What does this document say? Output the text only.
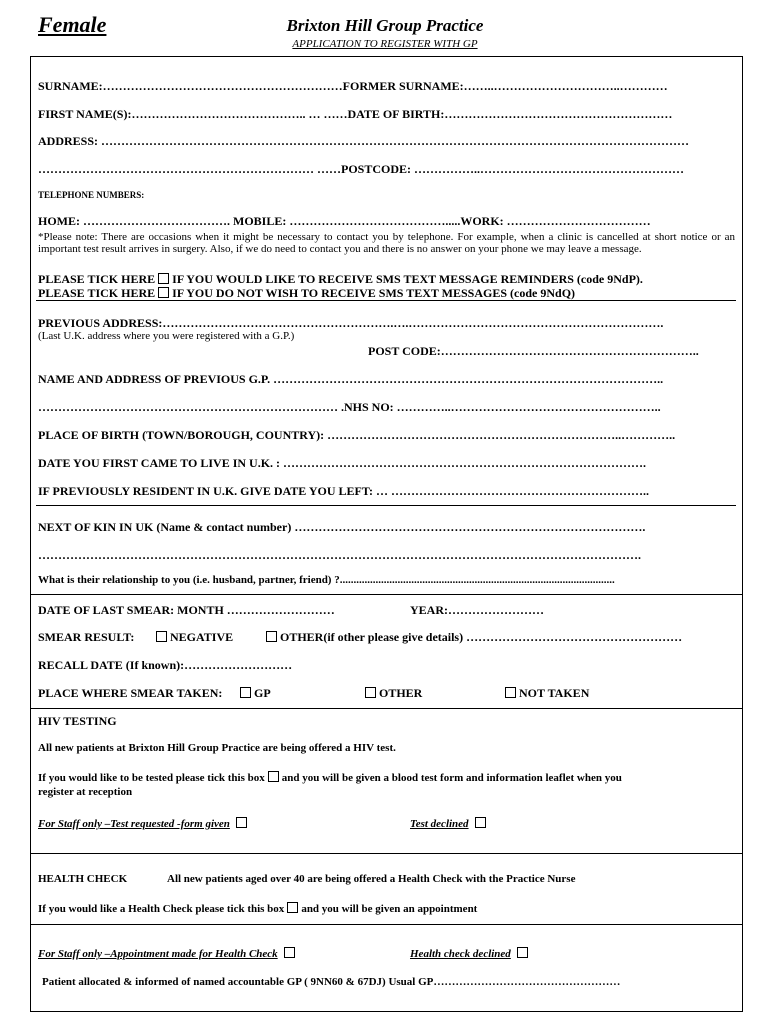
Female	Brixton Hill Group Practice
APPLICATION TO REGISTER WITH GP
SURNAME:……………………………………………………FORMER SURNAME:……..…………………………..…………
FIRST NAME(S):…………………………………….. … ……DATE OF BIRTH:…………………………………………………
ADDRESS: …………………………………………………………………………………………………………………………………
…………………………………………………………… ……POSTCODE: ……………..……………………………………………
TELEPHONE NUMBERS:
HOME: ………………………………. MOBILE: ………………………………….....WORK: ………………………………
*Please note: There are occasions when it might be necessary to contact you by telephone. For example, when a clinic is cancelled at short notice or an important test result arrives in surgery. Also, if we do need to contact you and there is no answer on your phone we may leave a message.
PLEASE TICK HERE IF YOU WOULD LIKE TO RECEIVE SMS TEXT MESSAGE REMINDERS (code 9NdP).
PLEASE TICK HERE IF YOU DO NOT WISH TO RECEIVE SMS TEXT MESSAGES (code 9NdQ)
PREVIOUS ADDRESS:………………………………………………….….……………………………………………………….
(Last U.K. address where you were registered with a G.P.)
POST CODE:………………………………………………………..
NAME AND ADDRESS OF PREVIOUS G.P. ……………………………………………………………………………………..
………………………………………………………………… .NHS NO: …………..……………………………………………..
PLACE OF BIRTH (TOWN/BOROUGH, COUNTRY): ………………………………………………………………..…………..
DATE YOU FIRST CAME TO LIVE IN U.K. : ……………………………………………………………………………….
IF PREVIOUSLY RESIDENT IN U.K. GIVE DATE YOU LEFT: … ………………………………………………………..
NEXT OF KIN IN UK (Name & contact number) …………………………………………………………………………….
…………………………………………………………………………………………………………………………………….
What is their relationship to you (i.e. husband, partner, friend) ?....................................................................................................
DATE OF LAST SMEAR: MONTH ………………………	YEAR:……………………
SMEAR RESULT:	NEGATIVE	OTHER(if other please give details) ………………………………………………
RECALL DATE (If known):………………………
PLACE WHERE SMEAR TAKEN:	GP	OTHER	NOT TAKEN
HIV TESTING
All new patients at Brixton Hill Group Practice are being offered a HIV test.
If you would like to be tested please tick this box and you will be given a blood test form and information leaflet when you
register at reception
For Staff only –Test requested -form given	Test declined
HEALTH CHECK	All new patients aged over 40 are being offered a Health Check with the Practice Nurse
If you would like a Health Check please tick this box and you will be given an appointment
For Staff only –Appointment made for Health Check	Health check declined
Patient allocated & informed of named accountable GP ( 9NN60 & 67DJ) Usual GP……………………………………………
